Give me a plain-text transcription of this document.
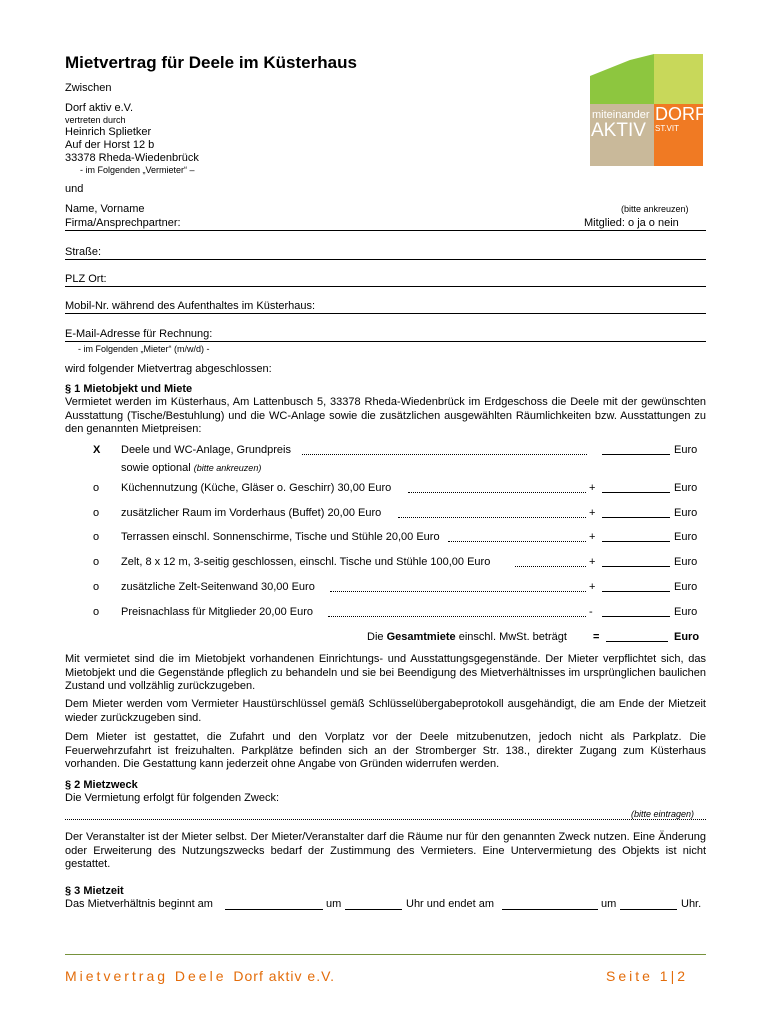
Mietvertrag für Deele im Küsterhaus
Zwischen
Dorf aktiv e.V.
vertreten durch
Heinrich Splietker
Auf der Horst 12 b
33378 Rheda-Wiedenbrück
- im Folgenden „Vermieter“ –
miteinander DORF
AKTIV ST.VIT
und
Name, Vorname	(bitte ankreuzen)
Firma/Ansprechpartner:	Mitglied: o ja o nein
Straße:
PLZ Ort:
Mobil-Nr. während des Aufenthaltes im Küsterhaus:
E-Mail-Adresse für Rechnung:
- im Folgenden „Mieter“ (m/w/d) -
wird folgender Mietvertrag abgeschlossen:
§ 1 Mietobjekt und Miete
Vermietet werden im Küsterhaus, Am Lattenbusch 5, 33378 Rheda-Wiedenbrück im Erdgeschoss die Deele mit der gewünschten Ausstattung (Tische/Bestuhlung) und die WC-Anlage sowie die zusätzlichen ausgewählten Räumlichkeiten bzw. Ausstattungen zu den genannten Mietpreisen:
X Deele und WC-Anlage, Grundpreis	Euro
sowie optional (bitte ankreuzen)
o Küchennutzung (Küche, Gläser o. Geschirr) 30,00 Euro	+	Euro
o zusätzlicher Raum im Vorderhaus (Buffet) 20,00 Euro	+	Euro
o Terrassen einschl. Sonnenschirme, Tische und Stühle 20,00 Euro	+	Euro
o Zelt, 8 x 12 m, 3-seitig geschlossen, einschl. Tische und Stühle 100,00 Euro	+	Euro
o zusätzliche Zelt-Seitenwand 30,00 Euro	+	Euro
o Preisnachlass für Mitglieder 20,00 Euro	-	Euro
Die Gesamtmiete einschl. MwSt. beträgt =	Euro
Mit vermietet sind die im Mietobjekt vorhandenen Einrichtungs- und Ausstattungsgegenstände. Der Mieter verpflichtet sich, das Mietobjekt und die Gegenstände pfleglich zu behandeln und sie bei Beendigung des Mietverhältnisses im ursprünglichen baulichen Zustand und vollzählig zurückzugeben.
Dem Mieter werden vom Vermieter Haustürschlüssel gemäß Schlüsselübergabeprotokoll ausgehändigt, die am Ende der Mietzeit wieder zurückzugeben sind.
Dem Mieter ist gestattet, die Zufahrt und den Vorplatz vor der Deele mitzubenutzen, jedoch nicht als Parkplatz. Die Feuerwehrzufahrt ist freizuhalten. Parkplätze befinden sich an der Stromberger Str. 138., direkter Zugang zum Küsterhaus vorhanden. Die Gestattung kann jederzeit ohne Angabe von Gründen widerrufen werden.
§ 2 Mietzweck
Die Vermietung erfolgt für folgenden Zweck:
(bitte eintragen)
Der Veranstalter ist der Mieter selbst. Der Mieter/Veranstalter darf die Räume nur für den genannten Zweck nutzen. Eine Änderung oder Erweiterung des Nutzungszwecks bedarf der Zustimmung des Vermieters. Eine Untervermietung des Objekts ist nicht gestattet.
§ 3 Mietzeit
Das Mietverhältnis beginnt am	um	Uhr und endet am	um	Uhr.
Mietvertrag Deele Dorf aktiv e.V.	Seite 1|2
